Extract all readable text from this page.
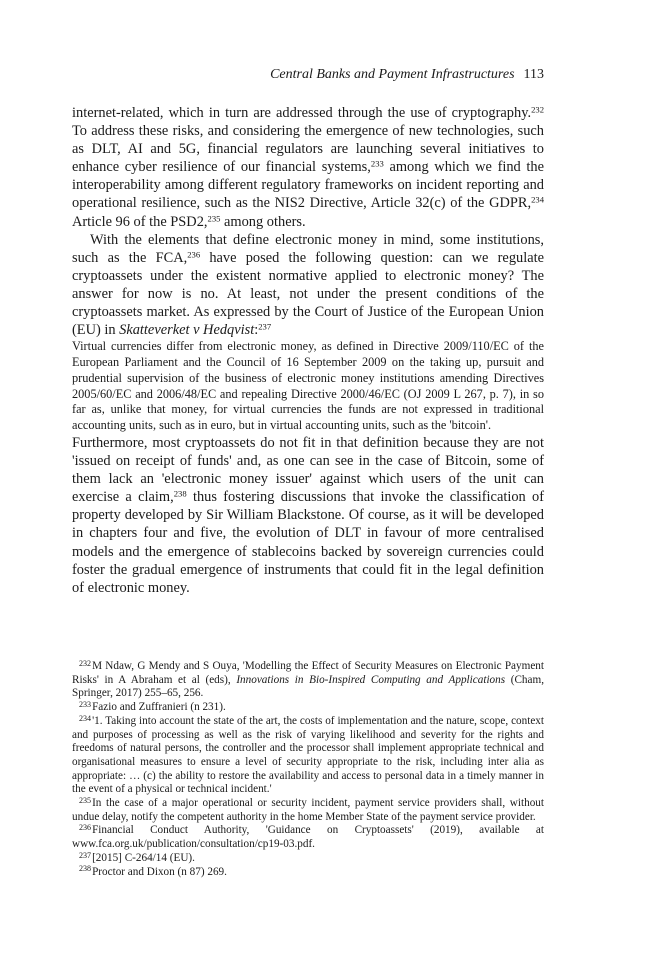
Central Banks and Payment Infrastructures 113

internet-related, which in turn are addressed through the use of cryptography.$^{232}$ To address these risks, and considering the emergence of new technologies, such as DLT, AI and 5G, financial regulators are launching several initiatives to enhance cyber resilience of our financial systems,$^{233}$ among which we find the interoperability among different regulatory frameworks on incident reporting and operational resilience, such as the NIS2 Directive, Article 32(c) of the GDPR,$^{234}$ Article 96 of the PSD2,$^{235}$ among others.

With the elements that define electronic money in mind, some institutions, such as the FCA,$^{236}$ have posed the following question: can we regulate cryptoassets under the existent normative applied to electronic money? The answer for now is no. At least, not under the present conditions of the cryptoassets market. As expressed by the Court of Justice of the European Union (EU) in Skatteverket v Hedqvist:$^{237}$

Virtual currencies differ from electronic money, as defined in Directive 2009/110/EC of the European Parliament and the Council of 16 September 2009 on the taking up, pursuit and prudential supervision of the business of electronic money institutions amending Directives 2005/60/EC and 2006/48/EC and repealing Directive 2000/46/EC (OJ 2009 L 267, p. 7), in so far as, unlike that money, for virtual currencies the funds are not expressed in traditional accounting units, such as in euro, but in virtual accounting units, such as the 'bitcoin'.

Furthermore, most cryptoassets do not fit in that definition because they are not 'issued on receipt of funds' and, as one can see in the case of Bitcoin, some of them lack an 'electronic money issuer' against which users of the unit can exercise a claim,$^{238}$ thus fostering discussions that invoke the classification of property developed by Sir William Blackstone. Of course, as it will be developed in chapters four and five, the evolution of DLT in favour of more centralised models and the emergence of stablecoins backed by sovereign currencies could foster the gradual emergence of instruments that could fit in the legal definition of electronic money.

$^{232}$M Ndaw, G Mendy and S Ouya, 'Modelling the Effect of Security Measures on Electronic Payment Risks' in A Abraham et al (eds), Innovations in Bio-Inspired Computing and Applications (Cham, Springer, 2017) 255–65, 256.

$^{233}$Fazio and Zuffranieri (n 231).

$^{234}$'1. Taking into account the state of the art, the costs of implementation and the nature, scope, context and purposes of processing as well as the risk of varying likelihood and severity for the rights and freedoms of natural persons, the controller and the processor shall implement appropriate technical and organisational measures to ensure a level of security appropriate to the risk, including inter alia as appropriate: … (c) the ability to restore the availability and access to personal data in a timely manner in the event of a physical or technical incident.'

$^{235}$In the case of a major operational or security incident, payment service providers shall, without undue delay, notify the competent authority in the home Member State of the payment service provider.

$^{236}$Financial Conduct Authority, 'Guidance on Cryptoassets' (2019), available at www.fca.org.uk/publication/consultation/cp19-03.pdf.

$^{237}$[2015] C-264/14 (EU).

$^{238}$Proctor and Dixon (n 87) 269.
